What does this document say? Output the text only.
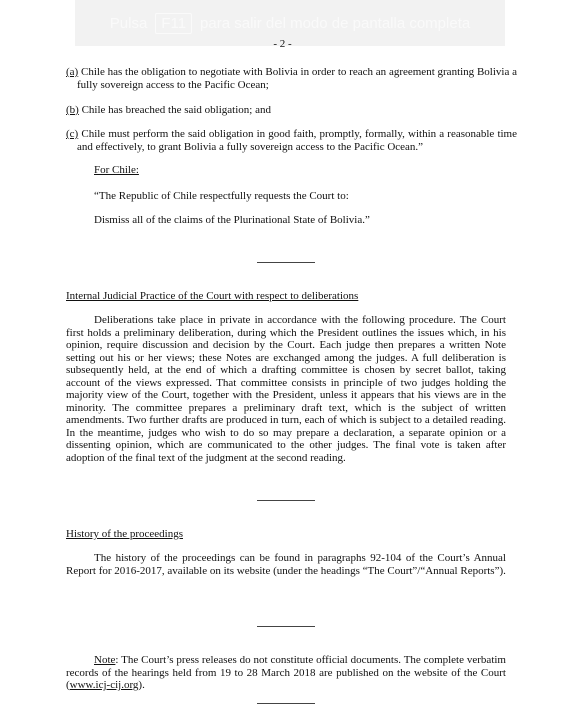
Pulsa F11 para salir del modo de pantalla completa
- 2 -
(a) Chile has the obligation to negotiate with Bolivia in order to reach an agreement granting Bolivia a fully sovereign access to the Pacific Ocean;
(b) Chile has breached the said obligation; and
(c) Chile must perform the said obligation in good faith, promptly, formally, within a reasonable time and effectively, to grant Bolivia a fully sovereign access to the Pacific Ocean.”
For Chile:
“The Republic of Chile respectfully requests the Court to:
Dismiss all of the claims of the Plurinational State of Bolivia.”
Internal Judicial Practice of the Court with respect to deliberations
Deliberations take place in private in accordance with the following procedure. The Court first holds a preliminary deliberation, during which the President outlines the issues which, in his opinion, require discussion and decision by the Court. Each judge then prepares a written Note setting out his or her views; these Notes are exchanged among the judges. A full deliberation is subsequently held, at the end of which a drafting committee is chosen by secret ballot, taking account of the views expressed. That committee consists in principle of two judges holding the majority view of the Court, together with the President, unless it appears that his views are in the minority. The committee prepares a preliminary draft text, which is the subject of written amendments. Two further drafts are produced in turn, each of which is subject to a detailed reading. In the meantime, judges who wish to do so may prepare a declaration, a separate opinion or a dissenting opinion, which are communicated to the other judges. The final vote is taken after adoption of the final text of the judgment at the second reading.
History of the proceedings
The history of the proceedings can be found in paragraphs 92-104 of the Court’s Annual Report for 2016-2017, available on its website (under the headings “The Court”/“Annual Reports”).
Note: The Court’s press releases do not constitute official documents. The complete verbatim records of the hearings held from 19 to 28 March 2018 are published on the website of the Court (www.icj-cij.org).
